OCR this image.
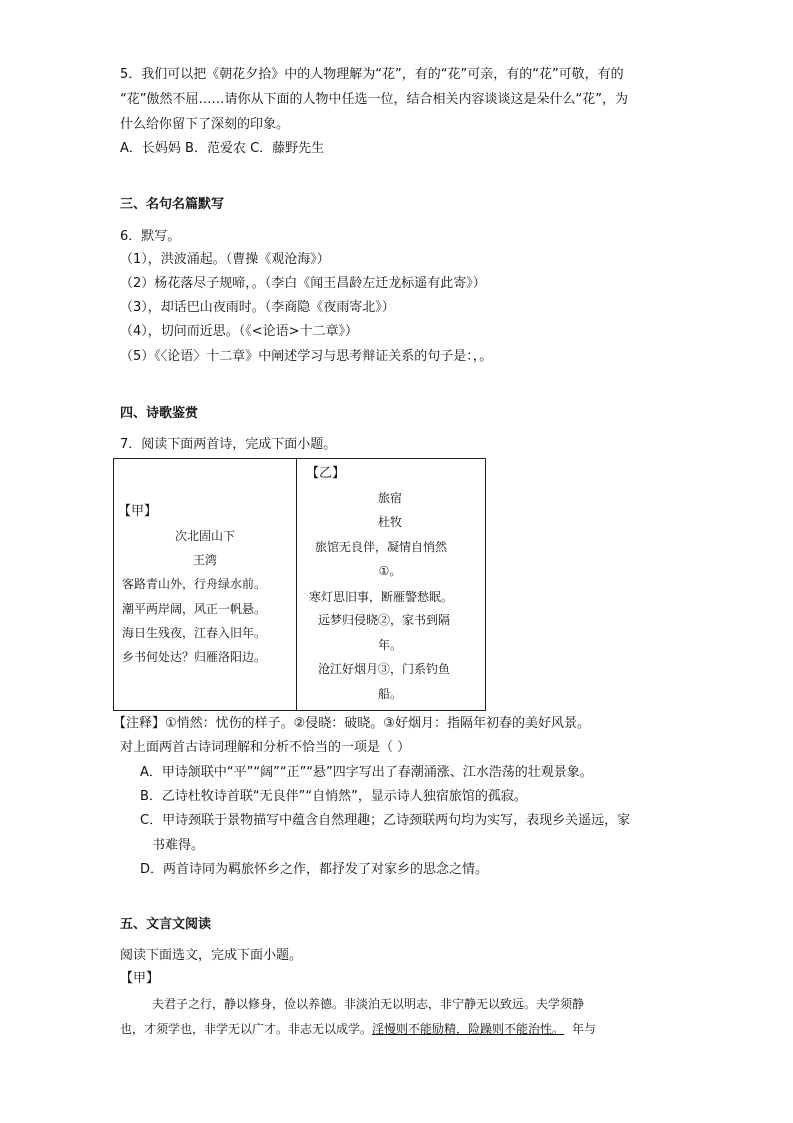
5．我们可以把《朝花夕拾》中的人物理解为“花”，有的“花”可亲，有的“花”可敬，有的
“花”傲然不屈……请你从下面的人物中任选一位，结合相关内容谈谈这是朵什么“花”，为
什么给你留下了深刻的印象。
A．长妈妈 B．范爱农 C．藤野先生
三、名句名篇默写
6．默写。
（1），洪波涌起。（曹操《观沧海》）
（2）杨花落尽子规啼，。（李白《闻王昌龄左迁龙标遥有此寄》）
（3），却话巴山夜雨时。（李商隐《夜雨寄北》）
（4），切问而近思。（《<论语>十二章》）
（5）《〈论语〉十二章》中阐述学习与思考辩证关系的句子是：，。
四、诗歌鉴赏
7．阅读下面两首诗，完成下面小题。
【甲】
次北固山下
王湾
客路青山外，行舟绿水前。
潮平两岸阔，风正一帆悬。
海日生残夜，江春入旧年。
乡书何处达？归雁洛阳边。
【乙】
旅宿
杜牧
旅馆无良伴，凝情自悄然
①。
寒灯思旧事，断雁警愁眠。
远梦归侵晓②，家书到隔
年。
沧江好烟月③，门系钓鱼
船。
【注释】①悄然：忧伤的样子。②侵晓：破晓。③好烟月：指隔年初春的美好风景。
对上面两首古诗词理解和分析不恰当的一项是（ ）
A．甲诗颔联中“平”“阔”“正”“悬”四字写出了春潮涌涨、江水浩荡的壮观景象。
B．乙诗杜牧诗首联“无良伴”“自悄然”，显示诗人独宿旅馆的孤寂。
C．甲诗颈联于景物描写中蕴含自然理趣；乙诗颈联两句均为实写，表现乡关遥远，家
书难得。
D．两首诗同为羁旅怀乡之作，都抒发了对家乡的思念之情。
五、文言文阅读
阅读下面选文，完成下面小题。
【甲】
夫君子之行，静以修身，俭以养德。非淡泊无以明志，非宁静无以致远。夫学须静
也，才须学也，非学无以广才。非志无以成学。淫慢则不能励精，险躁则不能治性。 年与
